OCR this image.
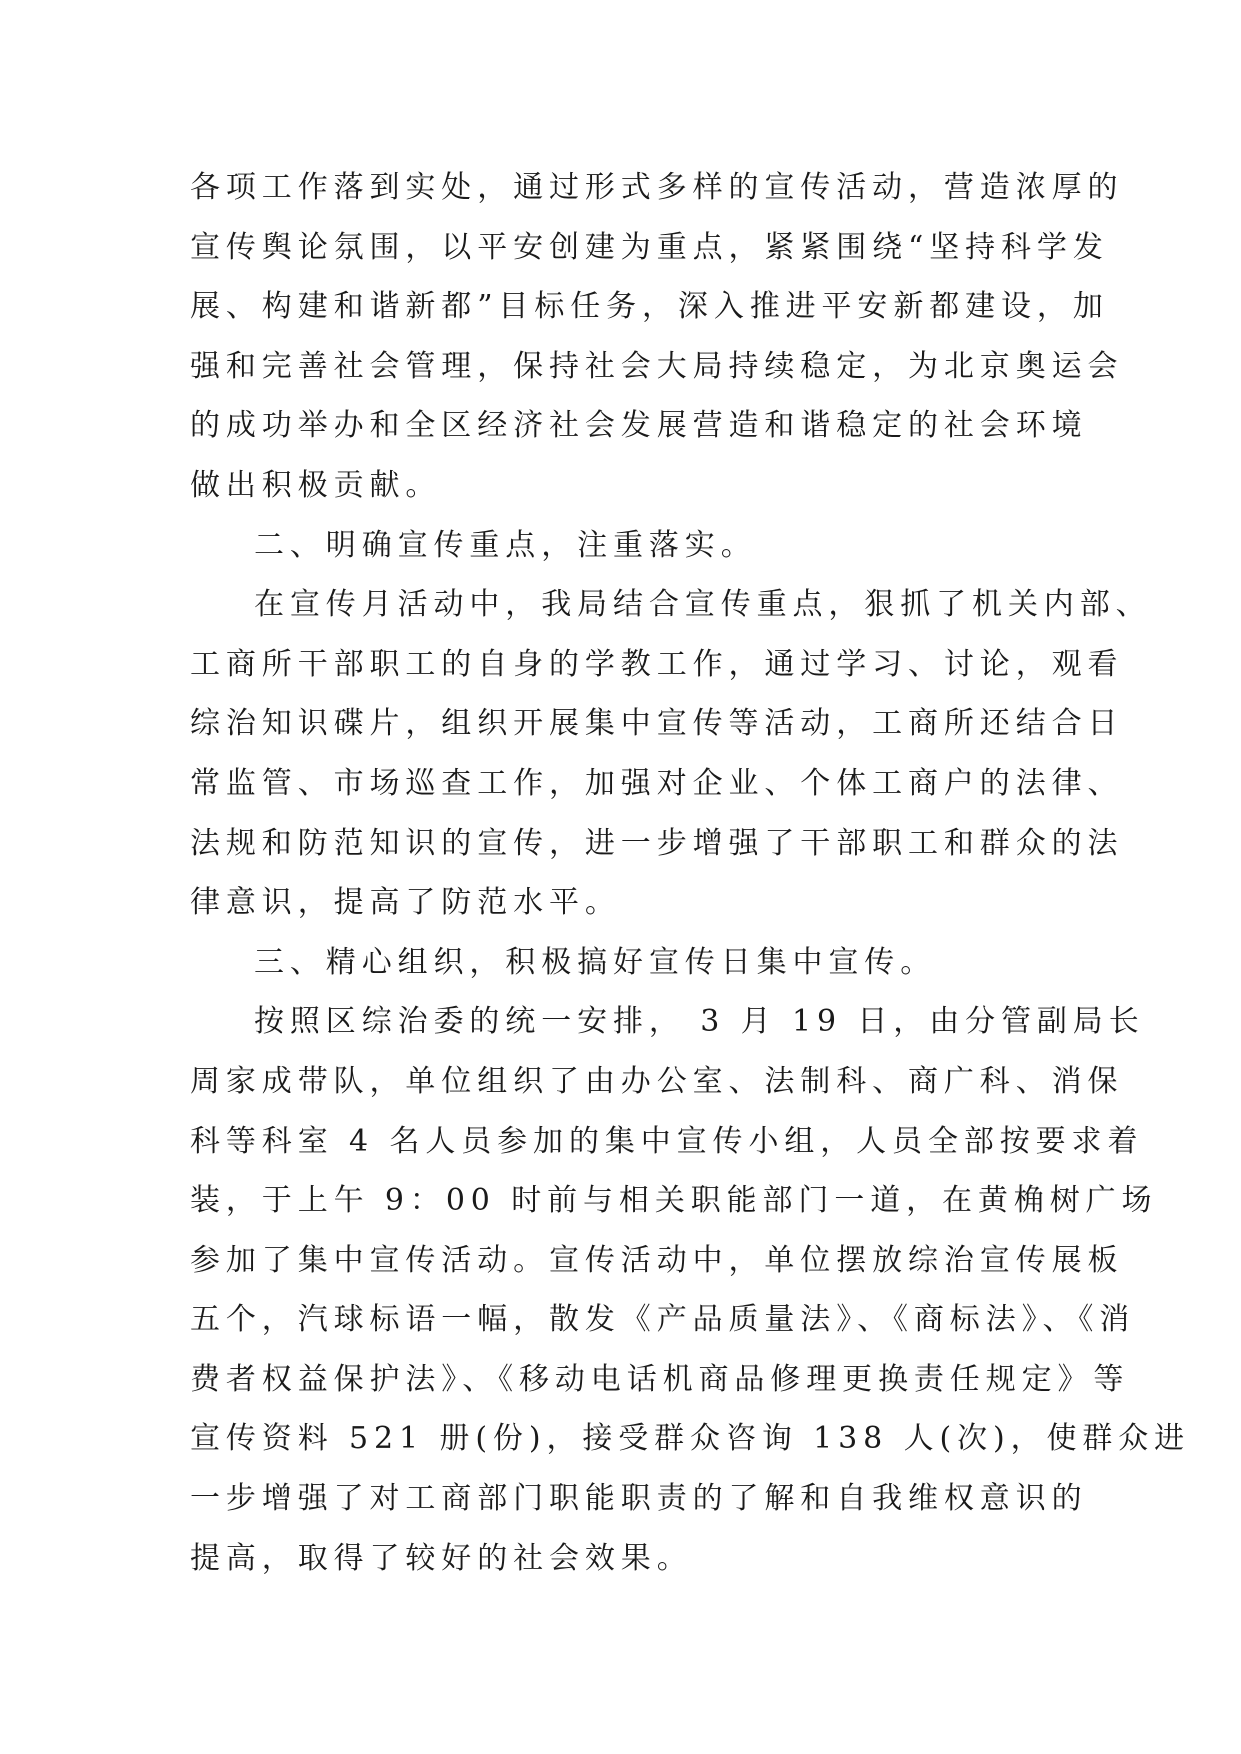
各项工作落到实处，通过形式多样的宣传活动，营造浓厚的
宣传舆论氛围，以平安创建为重点，紧紧围绕“坚持科学发
展、构建和谐新都”目标任务，深入推进平安新都建设，加
强和完善社会管理，保持社会大局持续稳定，为北京奥运会
的成功举办和全区经济社会发展营造和谐稳定的社会环境
做出积极贡献。
二、明确宣传重点，注重落实。
在宣传月活动中，我局结合宣传重点，狠抓了机关内部、
工商所干部职工的自身的学教工作，通过学习、讨论，观看
综治知识碟片，组织开展集中宣传等活动，工商所还结合日
常监管、市场巡查工作，加强对企业、个体工商户的法律、
法规和防范知识的宣传，进一步增强了干部职工和群众的法
律意识，提高了防范水平。
三、精心组织，积极搞好宣传日集中宣传。
按照区综治委的统一安排， 3 月 19 日，由分管副局长
周家成带队，单位组织了由办公室、法制科、商广科、消保
科等科室 4 名人员参加的集中宣传小组，人员全部按要求着
装，于上午 9：00 时前与相关职能部门一道，在黄桷树广场
参加了集中宣传活动。宣传活动中，单位摆放综治宣传展板
五个，汽球标语一幅，散发《产品质量法》、《商标法》、《消
费者权益保护法》、《移动电话机商品修理更换责任规定》等
宣传资料 521 册(份)，接受群众咨询 138 人(次)，使群众进
一步增强了对工商部门职能职责的了解和自我维权意识的
提高，取得了较好的社会效果。
